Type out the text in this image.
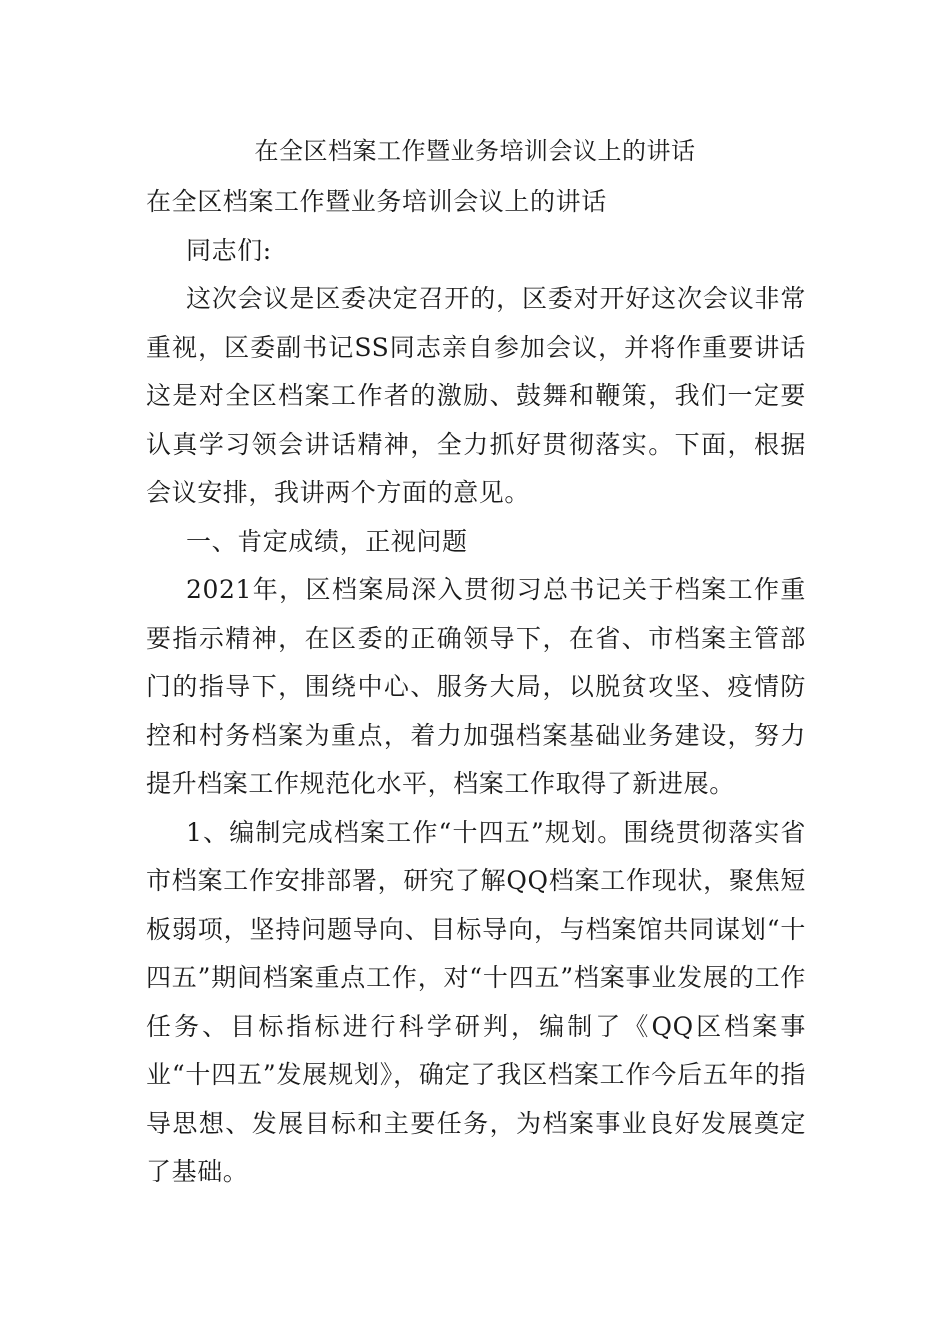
在全区档案工作暨业务培训会议上的讲话

在全区档案工作暨业务培训会议上的讲话

同志们:

这次会议是区委决定召开的，区委对开好这次会议非常重视，区委副书记SS同志亲自参加会议，并将作重要讲话这是对全区档案工作者的激励、鼓舞和鞭策，我们一定要认真学习领会讲话精神，全力抓好贯彻落实。下面，根据会议安排，我讲两个方面的意见。

一、肯定成绩，正视问题

2021年，区档案局深入贯彻习总书记关于档案工作重要指示精神，在区委的正确领导下，在省、市档案主管部门的指导下，围绕中心、服务大局，以脱贫攻坚、疫情防控和村务档案为重点，着力加强档案基础业务建设，努力提升档案工作规范化水平，档案工作取得了新进展。

1、编制完成档案工作“十四五”规划。围绕贯彻落实省市档案工作安排部署，研究了解QQ档案工作现状，聚焦短板弱项，坚持问题导向、目标导向，与档案馆共同谋划“十四五”期间档案重点工作，对“十四五”档案事业发展的工作任务、目标指标进行科学研判，编制了《QQ区档案事业“十四五”发展规划》，确定了我区档案工作今后五年的指导思想、发展目标和主要任务，为档案事业良好发展奠定了基础。
